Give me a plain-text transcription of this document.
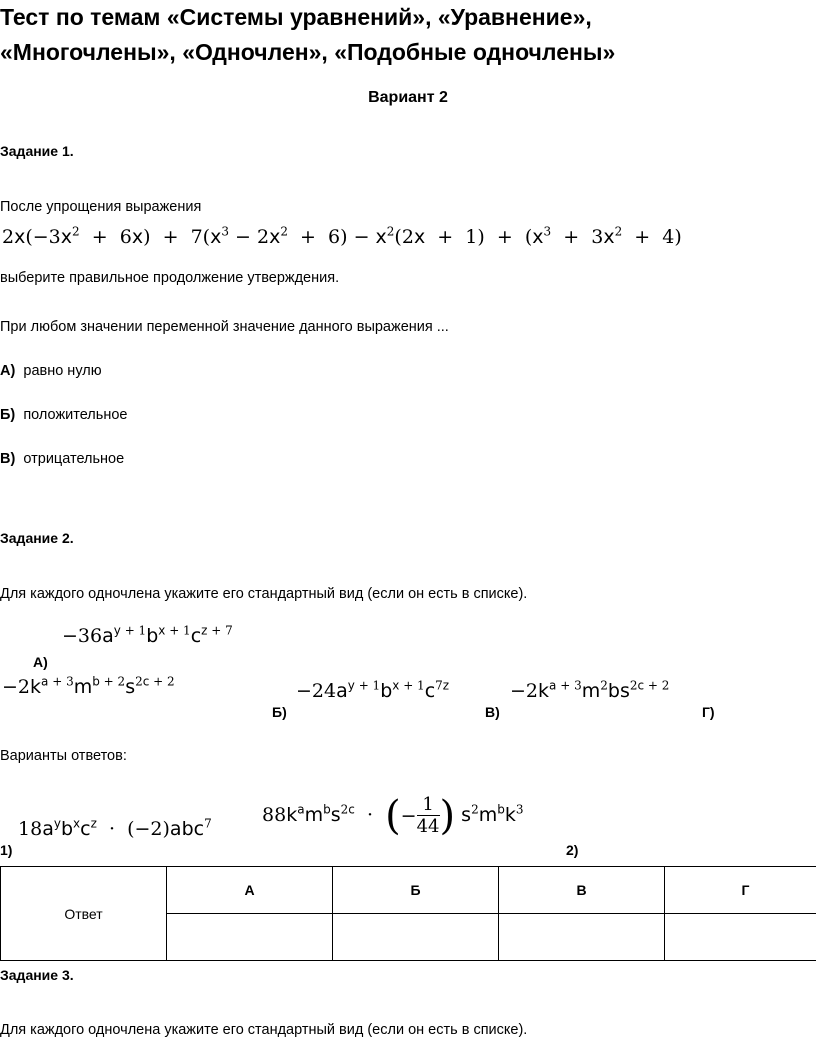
Тест по темам «Системы уравнений», «Уравнение»,
«Многочлены», «Одночлен», «Подобные одночлены»
Вариант 2
Задание 1.
После упрощения выражения
$2x(-3x^2 + 6x) + 7(x^3 - 2x^2 + 6) - x^2(2x + 1) + (x^3 + 3x^2 + 4)$
выберите правильное продолжение утверждения.
При любом значении переменной значение данного выражения ...
А) равно нулю
Б) положительное
В) отрицательное
Задание 2.
Для каждого одночлена укажите его стандартный вид (если он есть в списке).
$-36a^{y + 1}b^{x + 1}c^{z + 7}$
А)
$-2k^{a + 3}m^{b + 2}s^{2c + 2}$
Б)
$-24a^{y + 1}b^{x + 1}c^{7z}$
В)
$-2k^{a + 3}m^2bs^{2c + 2}$
Г)
Варианты ответов:
$18a^yb^xc^z \cdot (-2)abc^7$
1)
$88k^am^bs^{2c}$  ·  (− $\frac{1}{44}$ ) $s^2m^bk^3$
2)
Ответ	А	Б	В	Г

Задание 3.
Для каждого одночлена укажите его стандартный вид (если он есть в списке).
